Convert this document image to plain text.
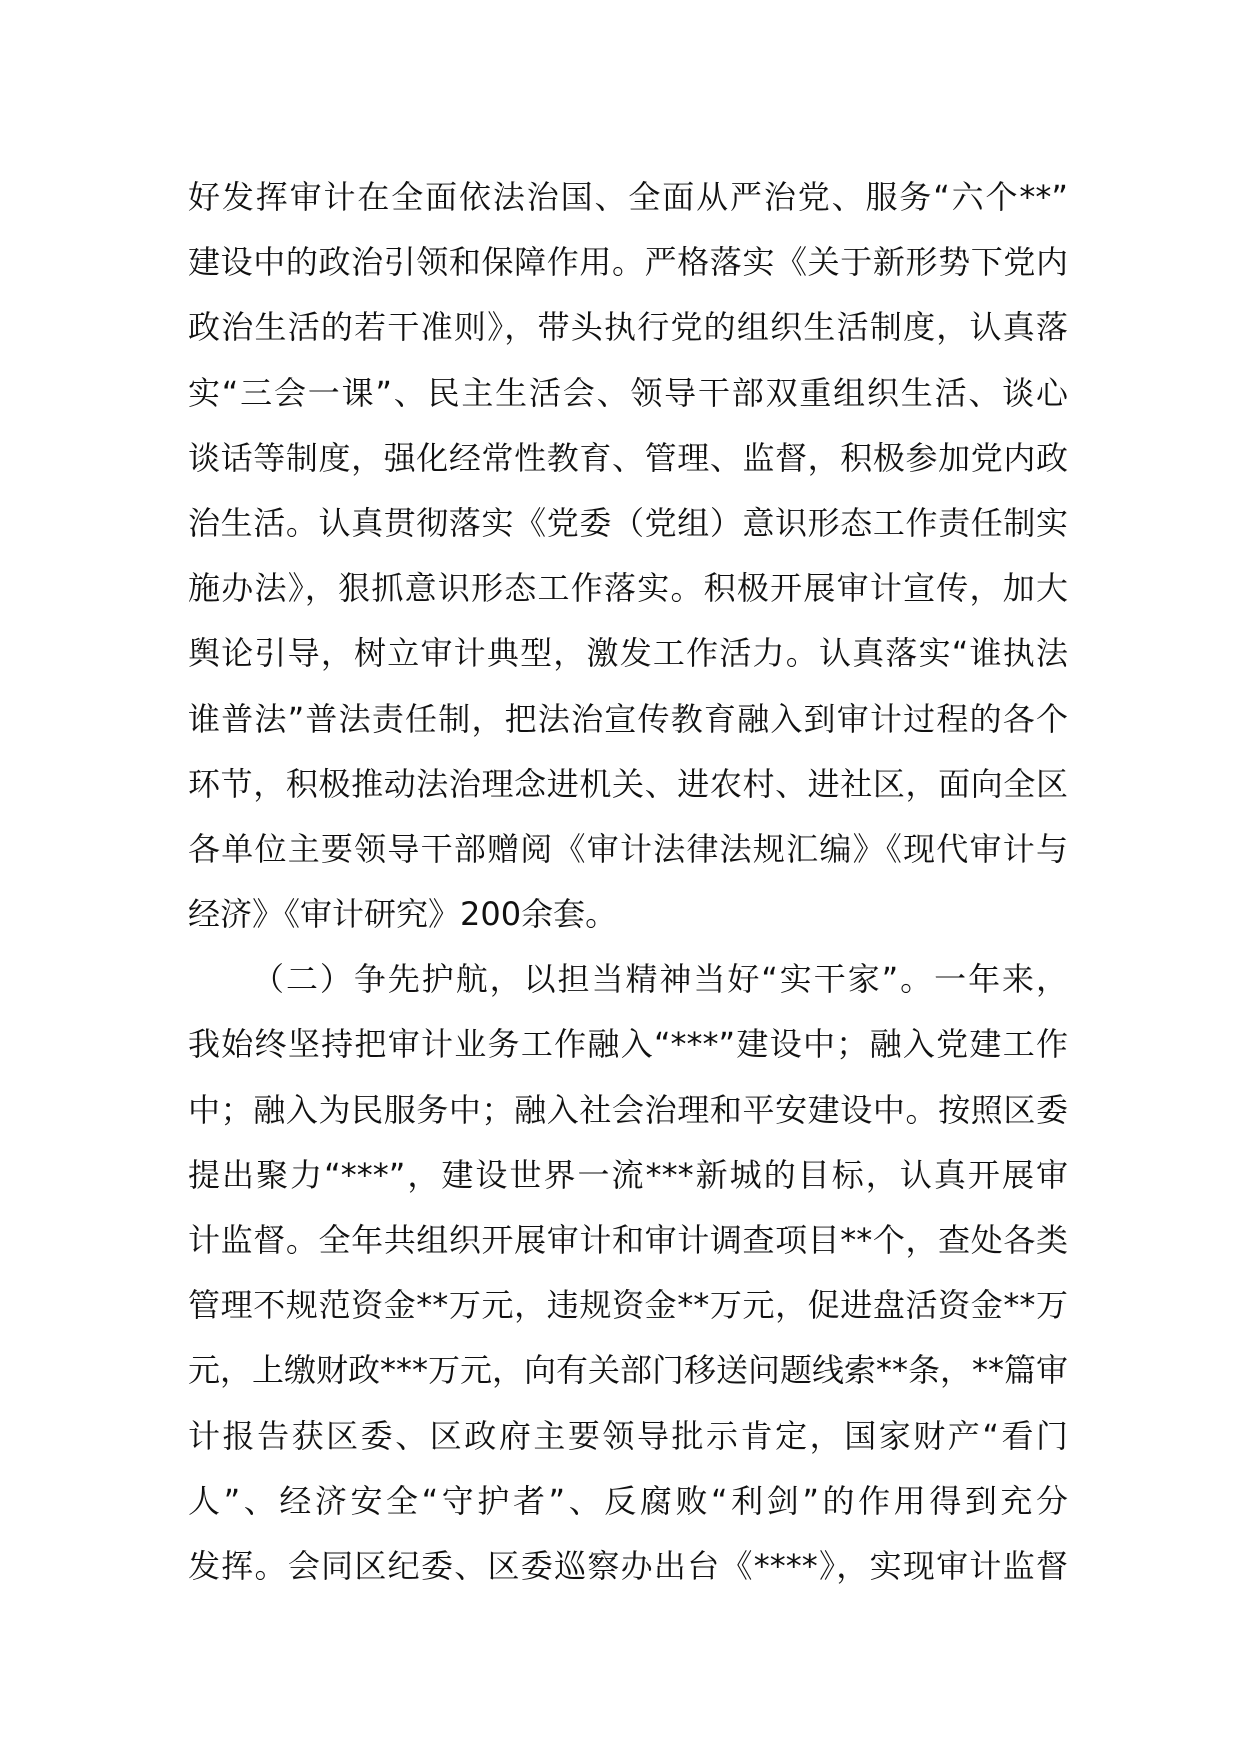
好发挥审计在全面依法治国、全面从严治党、服务“六个**”
建设中的政治引领和保障作用。严格落实《关于新形势下党内
政治生活的若干准则》，带头执行党的组织生活制度，认真落
实“三会一课”、民主生活会、领导干部双重组织生活、谈心
谈话等制度，强化经常性教育、管理、监督，积极参加党内政
治生活。认真贯彻落实《党委（党组）意识形态工作责任制实
施办法》，狠抓意识形态工作落实。积极开展审计宣传，加大
舆论引导，树立审计典型，激发工作活力。认真落实“谁执法
谁普法”普法责任制，把法治宣传教育融入到审计过程的各个
环节，积极推动法治理念进机关、进农村、进社区，面向全区
各单位主要领导干部赠阅《审计法律法规汇编》《现代审计与
经济》《审计研究》200余套。
（二）争先护航，以担当精神当好“实干家”。一年来，
我始终坚持把审计业务工作融入“***”建设中；融入党建工作
中；融入为民服务中；融入社会治理和平安建设中。按照区委
提出聚力“***”，建设世界一流***新城的目标，认真开展审
计监督。全年共组织开展审计和审计调查项目**个，查处各类
管理不规范资金**万元，违规资金**万元，促进盘活资金**万
元，上缴财政***万元，向有关部门移送问题线索**条，**篇审
计报告获区委、区政府主要领导批示肯定，国家财产“看门
人”、经济安全“守护者”、反腐败“利剑”的作用得到充分
发挥。会同区纪委、区委巡察办出台《****》，实现审计监督
